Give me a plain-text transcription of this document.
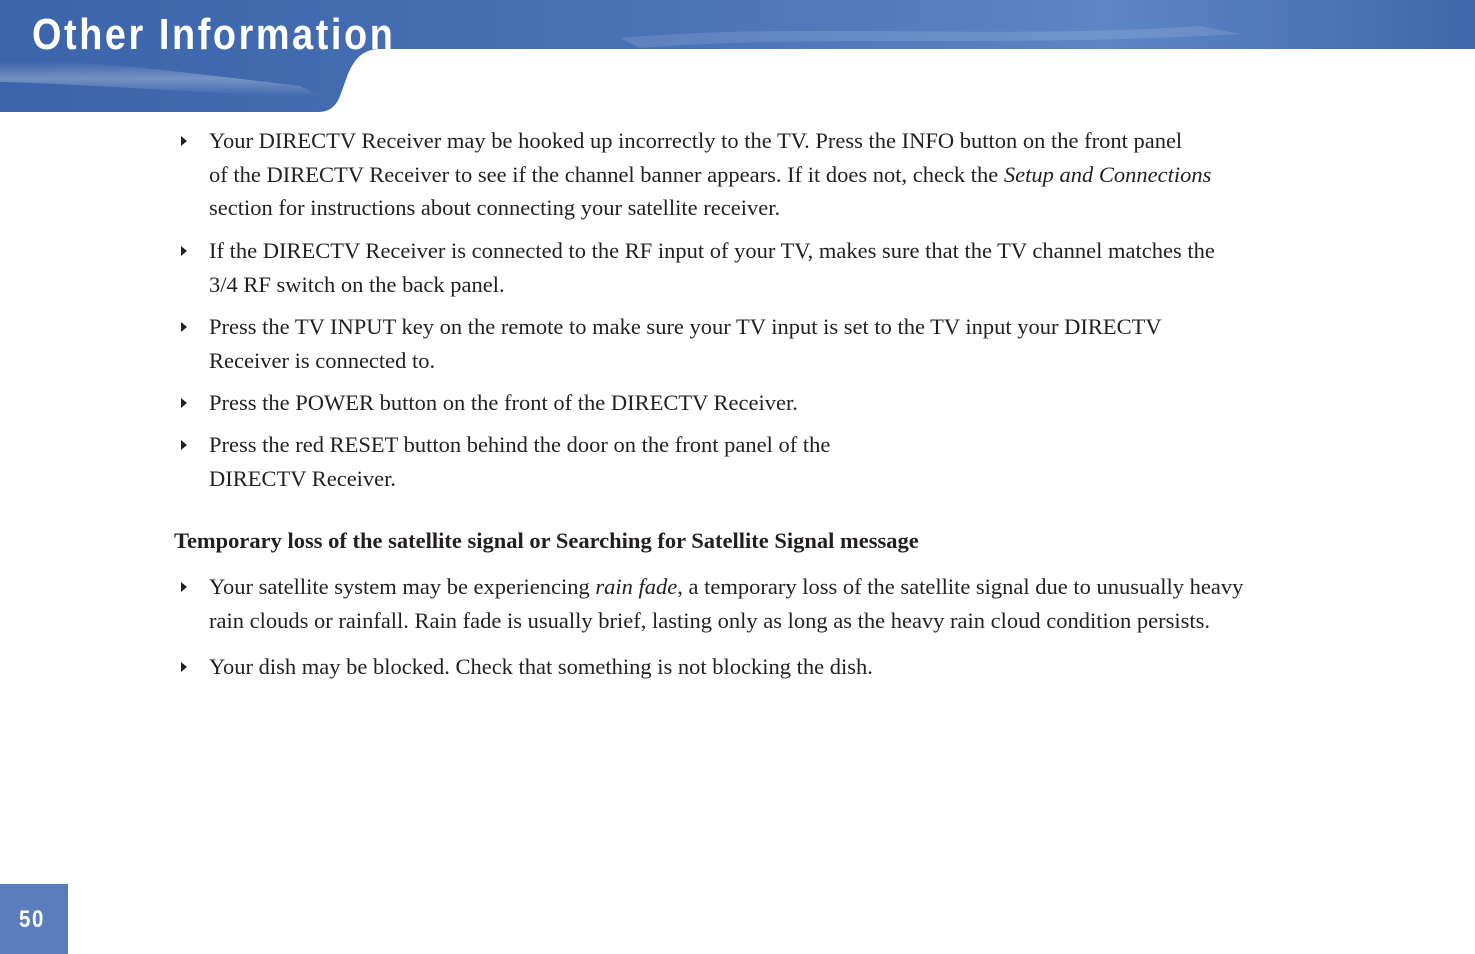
Other Information
Your DIRECTV Receiver may be hooked up incorrectly to the TV. Press the INFO button on the front panel
of the DIRECTV Receiver to see if the channel banner appears. If it does not, check the Setup and Connections
section for instructions about connecting your satellite receiver.
If the DIRECTV Receiver is connected to the RF input of your TV, makes sure that the TV channel matches the
3/4 RF switch on the back panel.
Press the TV INPUT key on the remote to make sure your TV input is set to the TV input your DIRECTV
Receiver is connected to.
Press the POWER button on the front of the DIRECTV Receiver.
Press the red RESET button behind the door on the front panel of the
DIRECTV Receiver.
Temporary loss of the satellite signal or Searching for Satellite Signal message
Your satellite system may be experiencing rain fade, a temporary loss of the satellite signal due to unusually heavy
rain clouds or rainfall. Rain fade is usually brief, lasting only as long as the heavy rain cloud condition persists.
Your dish may be blocked. Check that something is not blocking the dish.
50
